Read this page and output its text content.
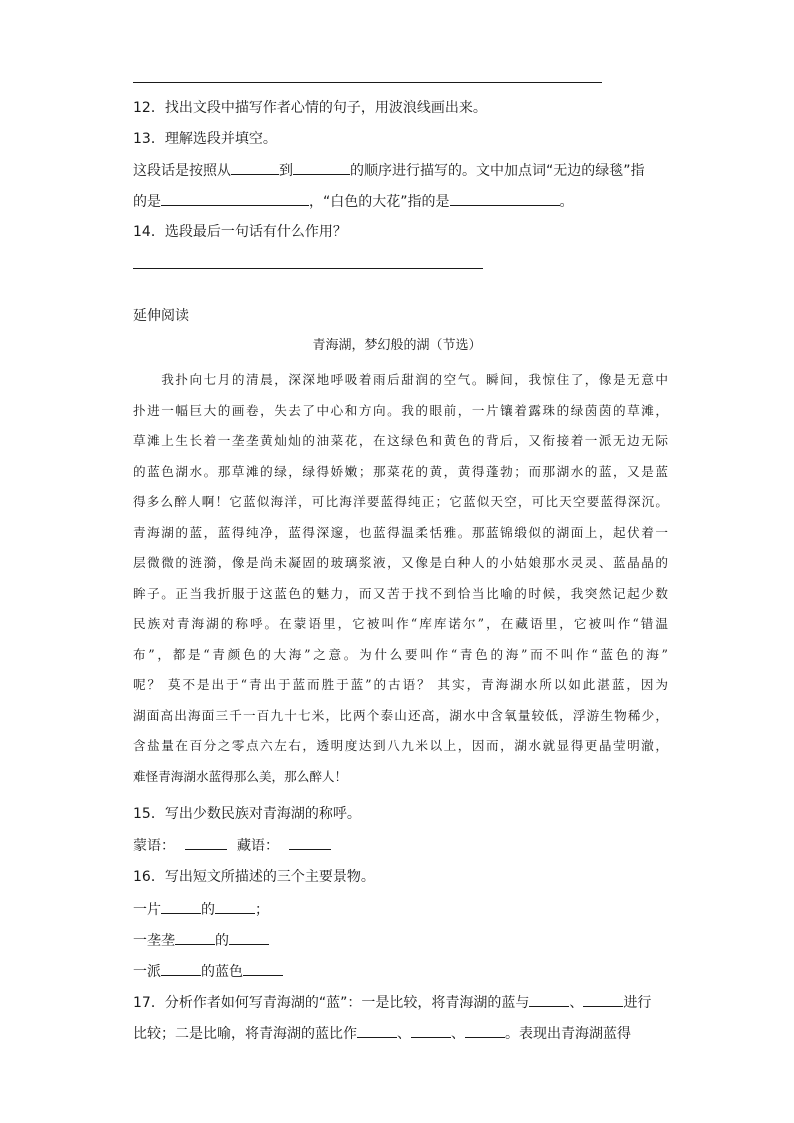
12．找出文段中描写作者心情的句子，用波浪线画出来。
13．理解选段并填空。
这段话是按照从	到	的顺序进行描写的。文中加点词“无边的绿毯”指
的是	，“白色的大花”指的是	。
14．选段最后一句话有什么作用？
延伸阅读
青海湖，梦幻般的湖（节选）
　　我扑向七月的清晨，深深地呼吸着雨后甜润的空气。瞬间，我惊住了，像是无意中
扑进一幅巨大的画卷，失去了中心和方向。我的眼前，一片镶着露珠的绿茵茵的草滩，
草滩上生长着一垄垄黄灿灿的油菜花，在这绿色和黄色的背后，又衔接着一派无边无际
的蓝色湖水。那草滩的绿，绿得娇嫩；那菜花的黄，黄得蓬勃；而那湖水的蓝，又是蓝
得多么醉人啊！它蓝似海洋，可比海洋要蓝得纯正；它蓝似天空，可比天空要蓝得深沉。
青海湖的蓝，蓝得纯净，蓝得深邃，也蓝得温柔恬雅。那蓝锦缎似的湖面上，起伏着一
层微微的涟漪，像是尚未凝固的玻璃浆液，又像是白种人的小姑娘那水灵灵、蓝晶晶的
眸子。正当我折服于这蓝色的魅力，而又苦于找不到恰当比喻的时候，我突然记起少数
民族对青海湖的称呼。在蒙语里，它被叫作“库库诺尔”，在藏语里，它被叫作“错温
布”，都是“青颜色的大海”之意。为什么要叫作“青色的海”而不叫作“蓝色的海”
呢？ 莫不是出于“青出于蓝而胜于蓝”的古语？ 其实，青海湖水所以如此湛蓝，因为
湖面高出海面三千一百九十七米，比两个泰山还高，湖水中含氧量较低，浮游生物稀少，
含盐量在百分之零点六左右，透明度达到八九米以上，因而，湖水就显得更晶莹明澈，
难怪青海湖水蓝得那么美，那么醉人！
15．写出少数民族对青海湖的称呼。
蒙语：	藏语：
16．写出短文所描述的三个主要景物。
一片	的	；
一垄垄	的
一派	的蓝色
17．分析作者如何写青海湖的“蓝”：一是比较，将青海湖的蓝与	、	进行
比较；二是比喻，将青海湖的蓝比作	、	、	。表现出青海湖蓝得
